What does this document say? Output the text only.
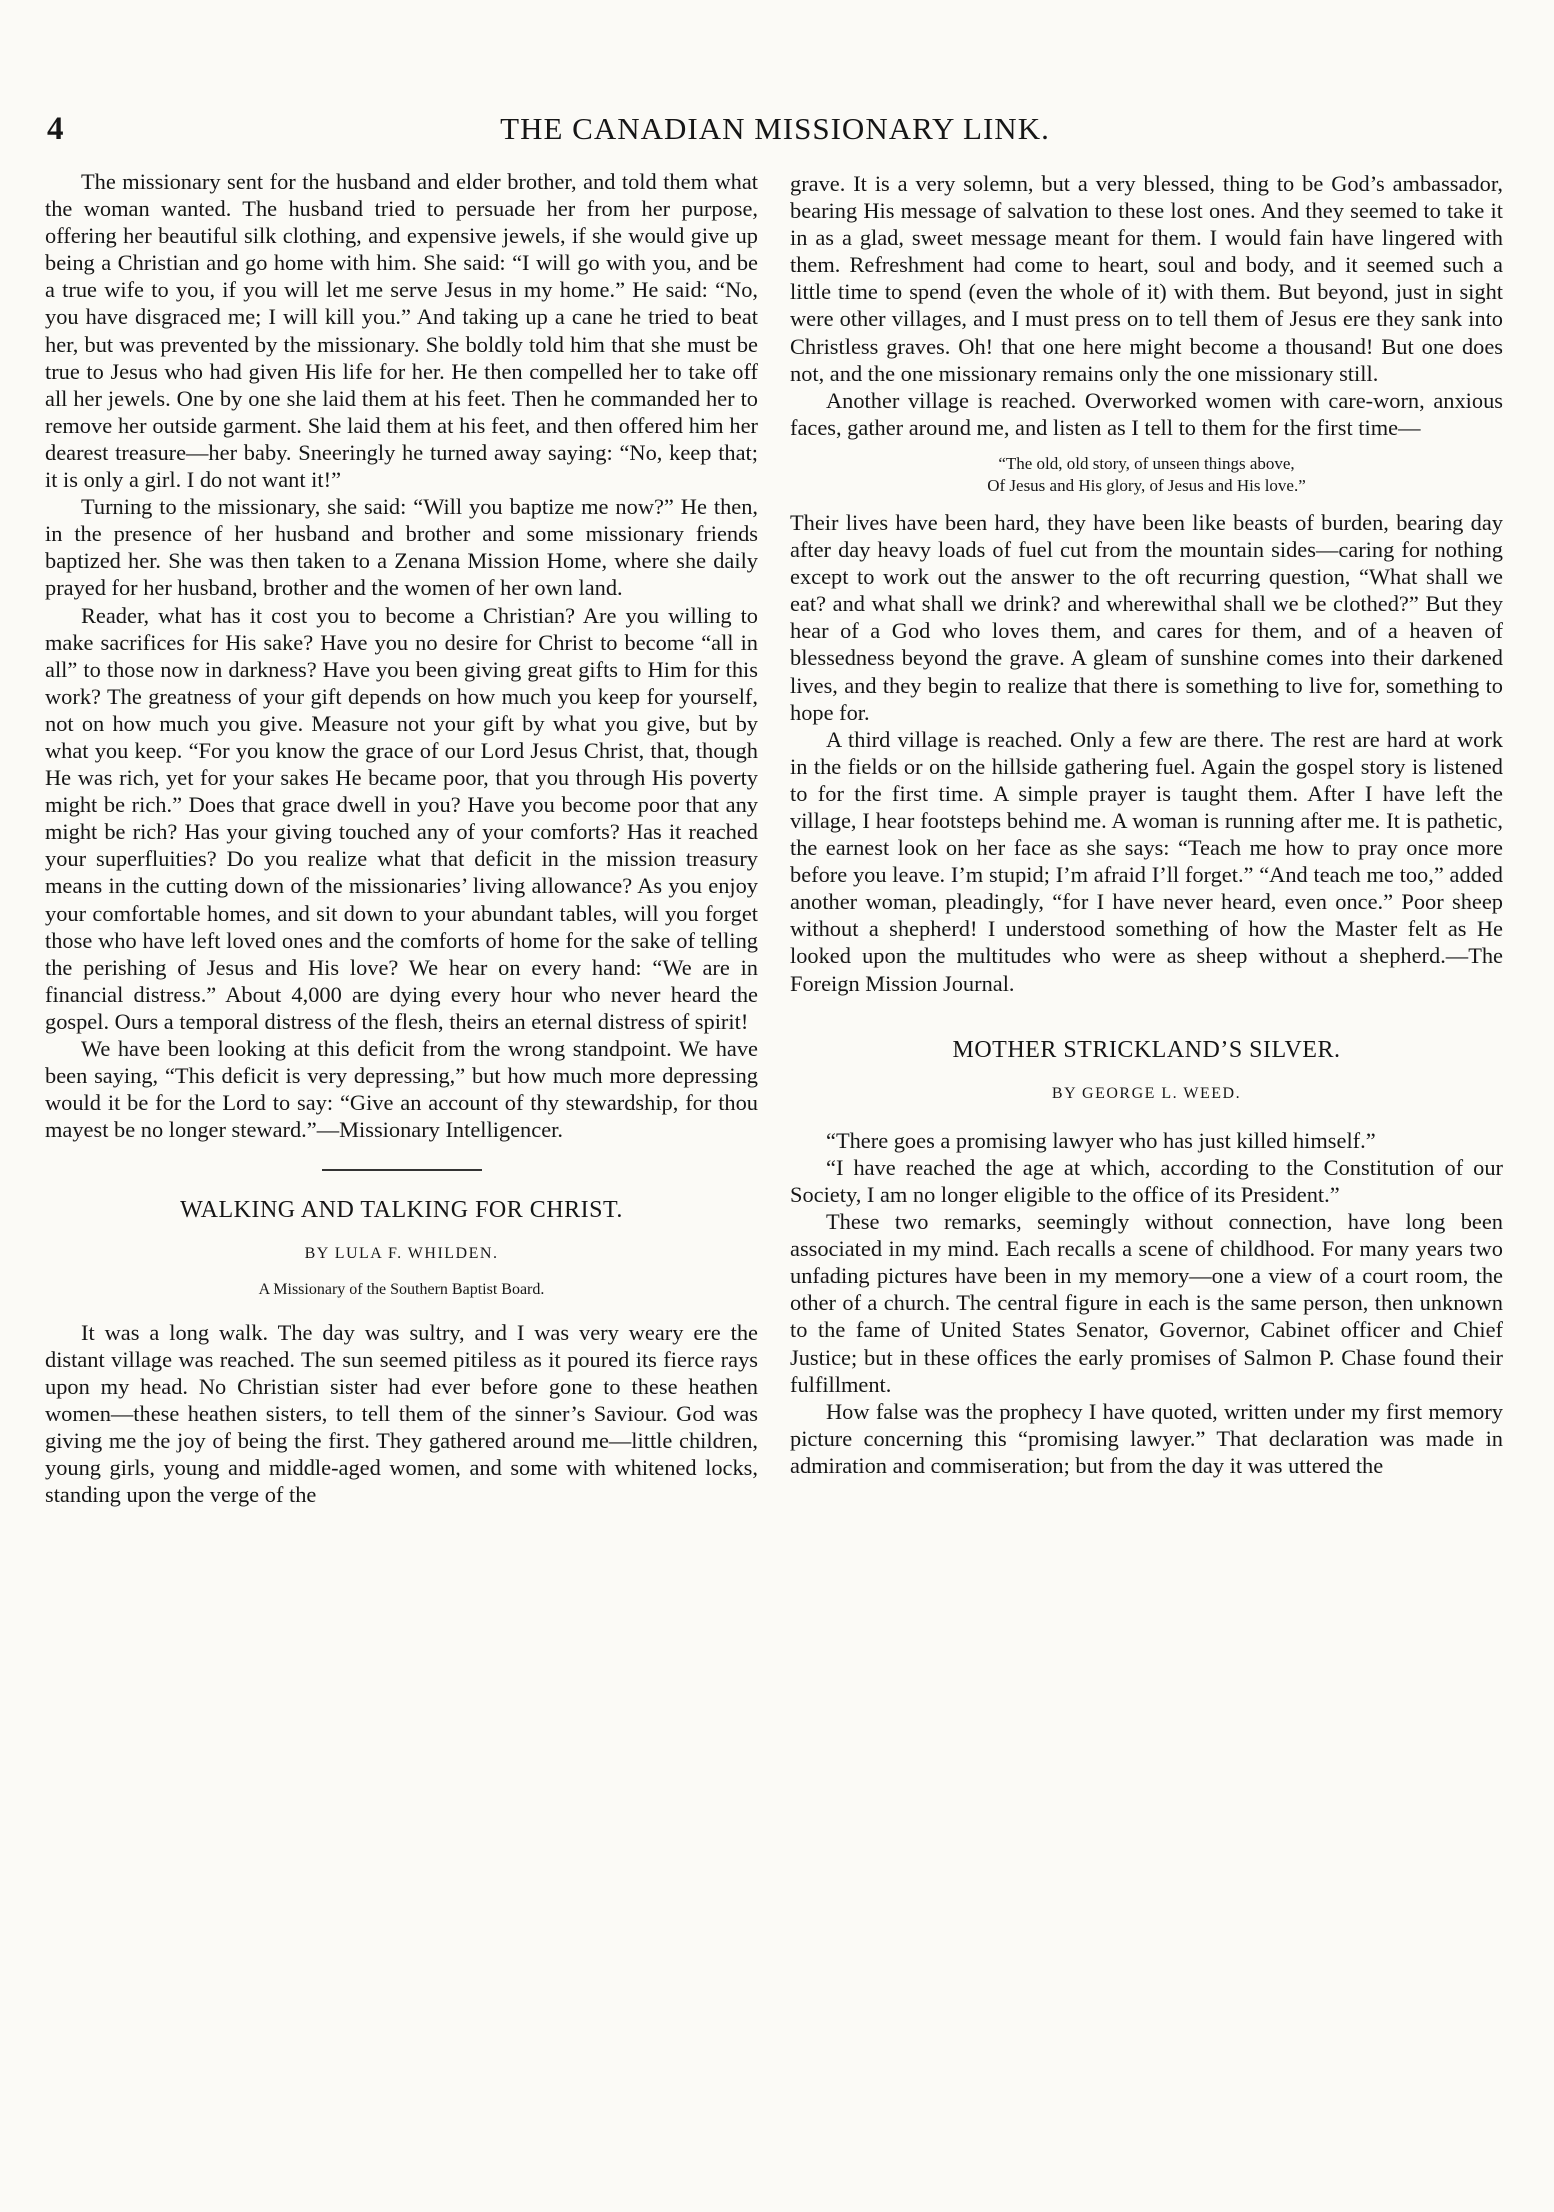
4	THE CANADIAN MISSIONARY LINK.

The missionary sent for the husband and elder brother, and told them what the woman wanted. The husband tried to persuade her from her purpose, offering her beautiful silk clothing, and expensive jewels, if she would give up being a Christian and go home with him. She said: “I will go with you, and be a true wife to you, if you will let me serve Jesus in my home.” He said: “No, you have disgraced me; I will kill you.” And taking up a cane he tried to beat her, but was prevented by the missionary. She boldly told him that she must be true to Jesus who had given His life for her. He then compelled her to take off all her jewels. One by one she laid them at his feet. Then he commanded her to remove her outside garment. She laid them at his feet, and then offered him her dearest treasure—her baby. Sneeringly he turned away saying: “No, keep that; it is only a girl. I do not want it!”

Turning to the missionary, she said: “Will you baptize me now?” He then, in the presence of her husband and brother and some missionary friends baptized her. She was then taken to a Zenana Mission Home, where she daily prayed for her husband, brother and the women of her own land.

Reader, what has it cost you to become a Christian? Are you willing to make sacrifices for His sake? Have you no desire for Christ to become “all in all” to those now in darkness? Have you been giving great gifts to Him for this work? The greatness of your gift depends on how much you keep for yourself, not on how much you give. Measure not your gift by what you give, but by what you keep. “For you know the grace of our Lord Jesus Christ, that, though He was rich, yet for your sakes He became poor, that you through His poverty might be rich.” Does that grace dwell in you? Have you become poor that any might be rich? Has your giving touched any of your comforts? Has it reached your superfluities? Do you realize what that deficit in the mission treasury means in the cutting down of the missionaries’ living allowance? As you enjoy your comfortable homes, and sit down to your abundant tables, will you forget those who have left loved ones and the comforts of home for the sake of telling the perishing of Jesus and His love? We hear on every hand: “We are in financial distress.” About 4,000 are dying every hour who never heard the gospel. Ours a temporal distress of the flesh, theirs an eternal distress of spirit!

We have been looking at this deficit from the wrong standpoint. We have been saying, “This deficit is very depressing,” but how much more depressing would it be for the Lord to say: “Give an account of thy stewardship, for thou mayest be no longer steward.”—Missionary Intelligencer.

WALKING AND TALKING FOR CHRIST.
BY LULA F. WHILDEN.
A Missionary of the Southern Baptist Board.

It was a long walk. The day was sultry, and I was very weary ere the distant village was reached. The sun seemed pitiless as it poured its fierce rays upon my head. No Christian sister had ever before gone to these heathen women—these heathen sisters, to tell them of the sinner’s Saviour. God was giving me the joy of being the first. They gathered around me—little children, young girls, young and middle-aged women, and some with whitened locks, standing upon the verge of the

grave. It is a very solemn, but a very blessed, thing to be God’s ambassador, bearing His message of salvation to these lost ones. And they seemed to take it in as a glad, sweet message meant for them. I would fain have lingered with them. Refreshment had come to heart, soul and body, and it seemed such a little time to spend (even the whole of it) with them. But beyond, just in sight were other villages, and I must press on to tell them of Jesus ere they sank into Christless graves. Oh! that one here might become a thousand! But one does not, and the one missionary remains only the one missionary still.

Another village is reached. Overworked women with care-worn, anxious faces, gather around me, and listen as I tell to them for the first time—

“The old, old story, of unseen things above,
Of Jesus and His glory, of Jesus and His love.”

Their lives have been hard, they have been like beasts of burden, bearing day after day heavy loads of fuel cut from the mountain sides—caring for nothing except to work out the answer to the oft recurring question, “What shall we eat? and what shall we drink? and wherewithal shall we be clothed?” But they hear of a God who loves them, and cares for them, and of a heaven of blessedness beyond the grave. A gleam of sunshine comes into their darkened lives, and they begin to realize that there is something to live for, something to hope for.

A third village is reached. Only a few are there. The rest are hard at work in the fields or on the hillside gathering fuel. Again the gospel story is listened to for the first time. A simple prayer is taught them. After I have left the village, I hear footsteps behind me. A woman is running after me. It is pathetic, the earnest look on her face as she says: “Teach me how to pray once more before you leave. I’m stupid; I’m afraid I’ll forget.” “And teach me too,” added another woman, pleadingly, “for I have never heard, even once.” Poor sheep without a shepherd! I understood something of how the Master felt as He looked upon the multitudes who were as sheep without a shepherd.—The Foreign Mission Journal.

MOTHER STRICKLAND’S SILVER.
BY GEORGE L. WEED.

“There goes a promising lawyer who has just killed himself.”

“I have reached the age at which, according to the Constitution of our Society, I am no longer eligible to the office of its President.”

These two remarks, seemingly without connection, have long been associated in my mind. Each recalls a scene of childhood. For many years two unfading pictures have been in my memory—one a view of a court room, the other of a church. The central figure in each is the same person, then unknown to the fame of United States Senator, Governor, Cabinet officer and Chief Justice; but in these offices the early promises of Salmon P. Chase found their fulfillment.

How false was the prophecy I have quoted, written under my first memory picture concerning this “promising lawyer.” That declaration was made in admiration and commiseration; but from the day it was uttered the
